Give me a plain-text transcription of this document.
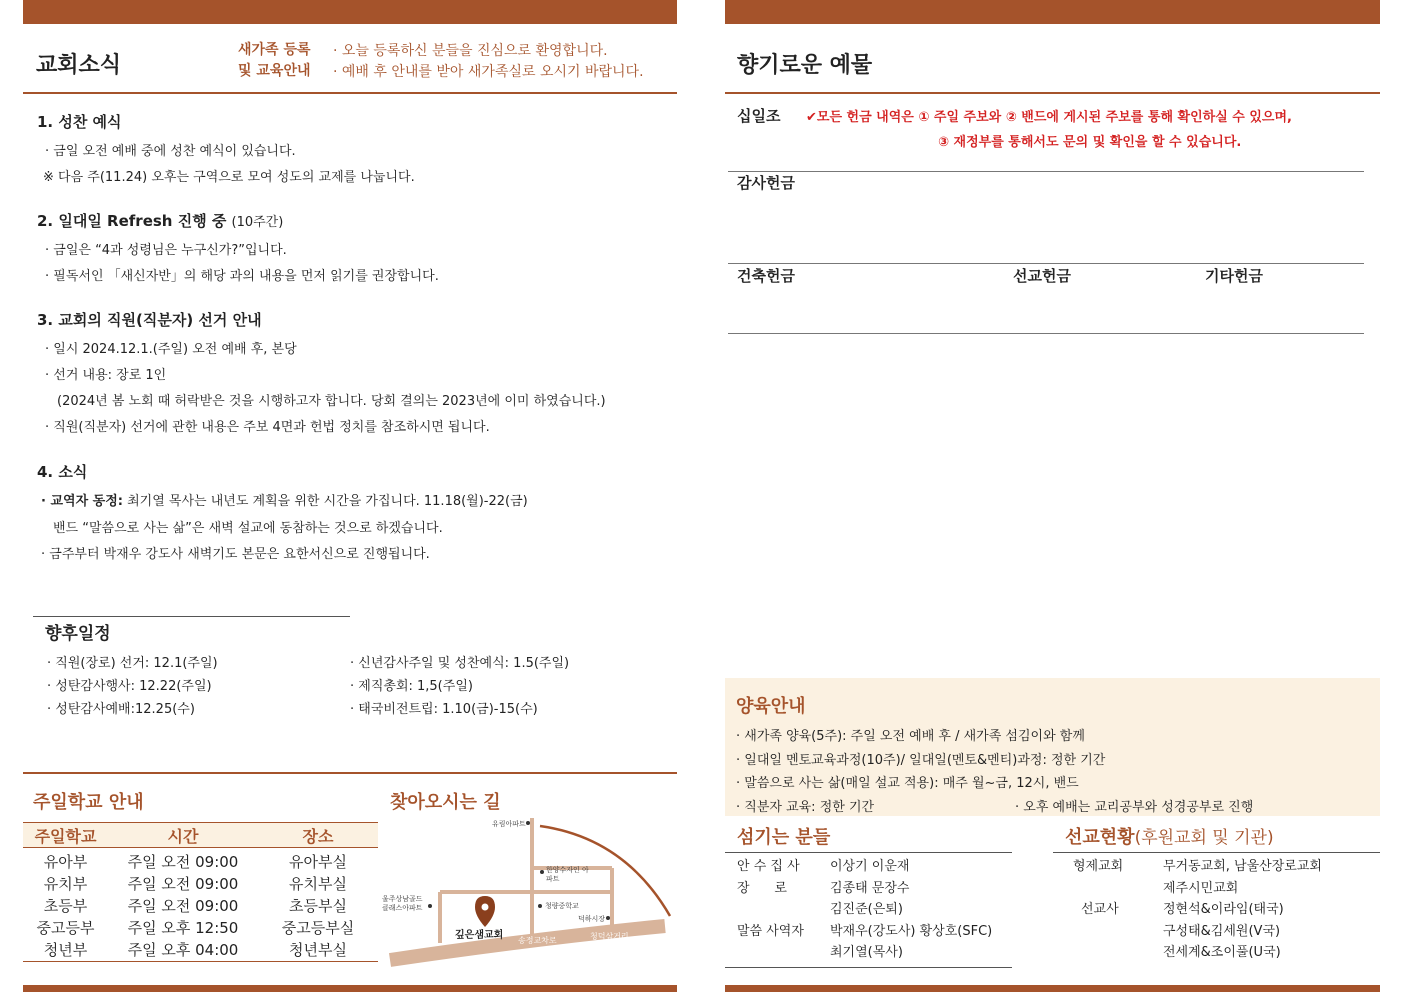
교회소식
새가족 등록
및 교육안내
· 오늘 등록하신 분들을 진심으로 환영합니다.
· 예배 후 안내를 받아 새가족실로 오시기 바랍니다.
1. 성찬 예식
· 금일 오전 예배 중에 성찬 예식이 있습니다.
※ 다음 주(11.24) 오후는 구역으로 모여 성도의 교제를 나눕니다.
2. 일대일 Refresh 진행 중 (10주간)
· 금일은 “4과 성령님은 누구신가?”입니다.
· 필독서인 「새신자반」의 해당 과의 내용을 먼저 읽기를 권장합니다.
3. 교회의 직원(직분자) 선거 안내
· 일시 2024.12.1.(주일) 오전 예배 후, 본당
· 선거 내용: 장로 1인
(2024년 봄 노회 때 허락받은 것을 시행하고자 합니다. 당회 결의는 2023년에 이미 하였습니다.)
· 직원(직분자) 선거에 관한 내용은 주보 4면과 헌법 정치를 참조하시면 됩니다.
4. 소식
· 교역자 동정: 최기열 목사는 내년도 계획을 위한 시간을 가집니다. 11.18(월)-22(금)
밴드 “말씀으로 사는 삶”은 새벽 설교에 동참하는 것으로 하겠습니다.
· 금주부터 박재우 강도사 새벽기도 본문은 요한서신으로 진행됩니다.
향후일정
· 직원(장로) 선거: 12.1(주일)
· 성탄감사행사: 12.22(주일)
· 성탄감사예배:12.25(수)
· 신년감사주일 및 성찬예식: 1.5(주일)
· 제직총회: 1,5(주일)
· 태국비전트립: 1.10(금)-15(수)
주일학교 안내
주일학교	시간	장소
유아부	주일 오전 09:00	유아부실
유치부	주일 오전 09:00	유치부실
초등부	주일 오전 09:00	초등부실
중고등부	주일 오후 12:50	중고등부실
청년부	주일 오후 04:00	청년부실
찾아오시는 길
깊은샘교회
유림아파트
한양수자인 아파트
울주상남골드 클래스아파트	청량중학교
덕하시장
송정교차로	청덕삼거리
향기로운 예물
십일조 ✔모든 헌금 내역은 ① 주일 주보와 ② 밴드에 게시된 주보를 통해 확인하실 수 있으며,
③ 재정부를 통해서도 문의 및 확인을 할 수 있습니다.
감사헌금
건축헌금	선교헌금	기타헌금
양육안내
· 새가족 양육(5주): 주일 오전 예배 후 / 새가족 섬김이와 함께
· 일대일 멘토교육과정(10주)/ 일대일(멘토&멘티)과정: 정한 기간
· 말씀으로 사는 삶(매일 설교 적용): 매주 월~금, 12시, 밴드
· 직분자 교육: 정한 기간	· 오후 예배는 교리공부와 성경공부로 진행
섬기는 분들
안 수 집 사	이상기 이운재
장      로	김종태 문장수
김진준(은퇴)
말씀 사역자	박재우(강도사) 황상호(SFC)
최기열(목사)
선교현황(후원교회 및 기관)
형제교회	무거동교회, 남울산장로교회
제주시민교회
선교사	정현석&이라임(태국)
구성태&김세원(V국)
전세계&조이풀(U국)
